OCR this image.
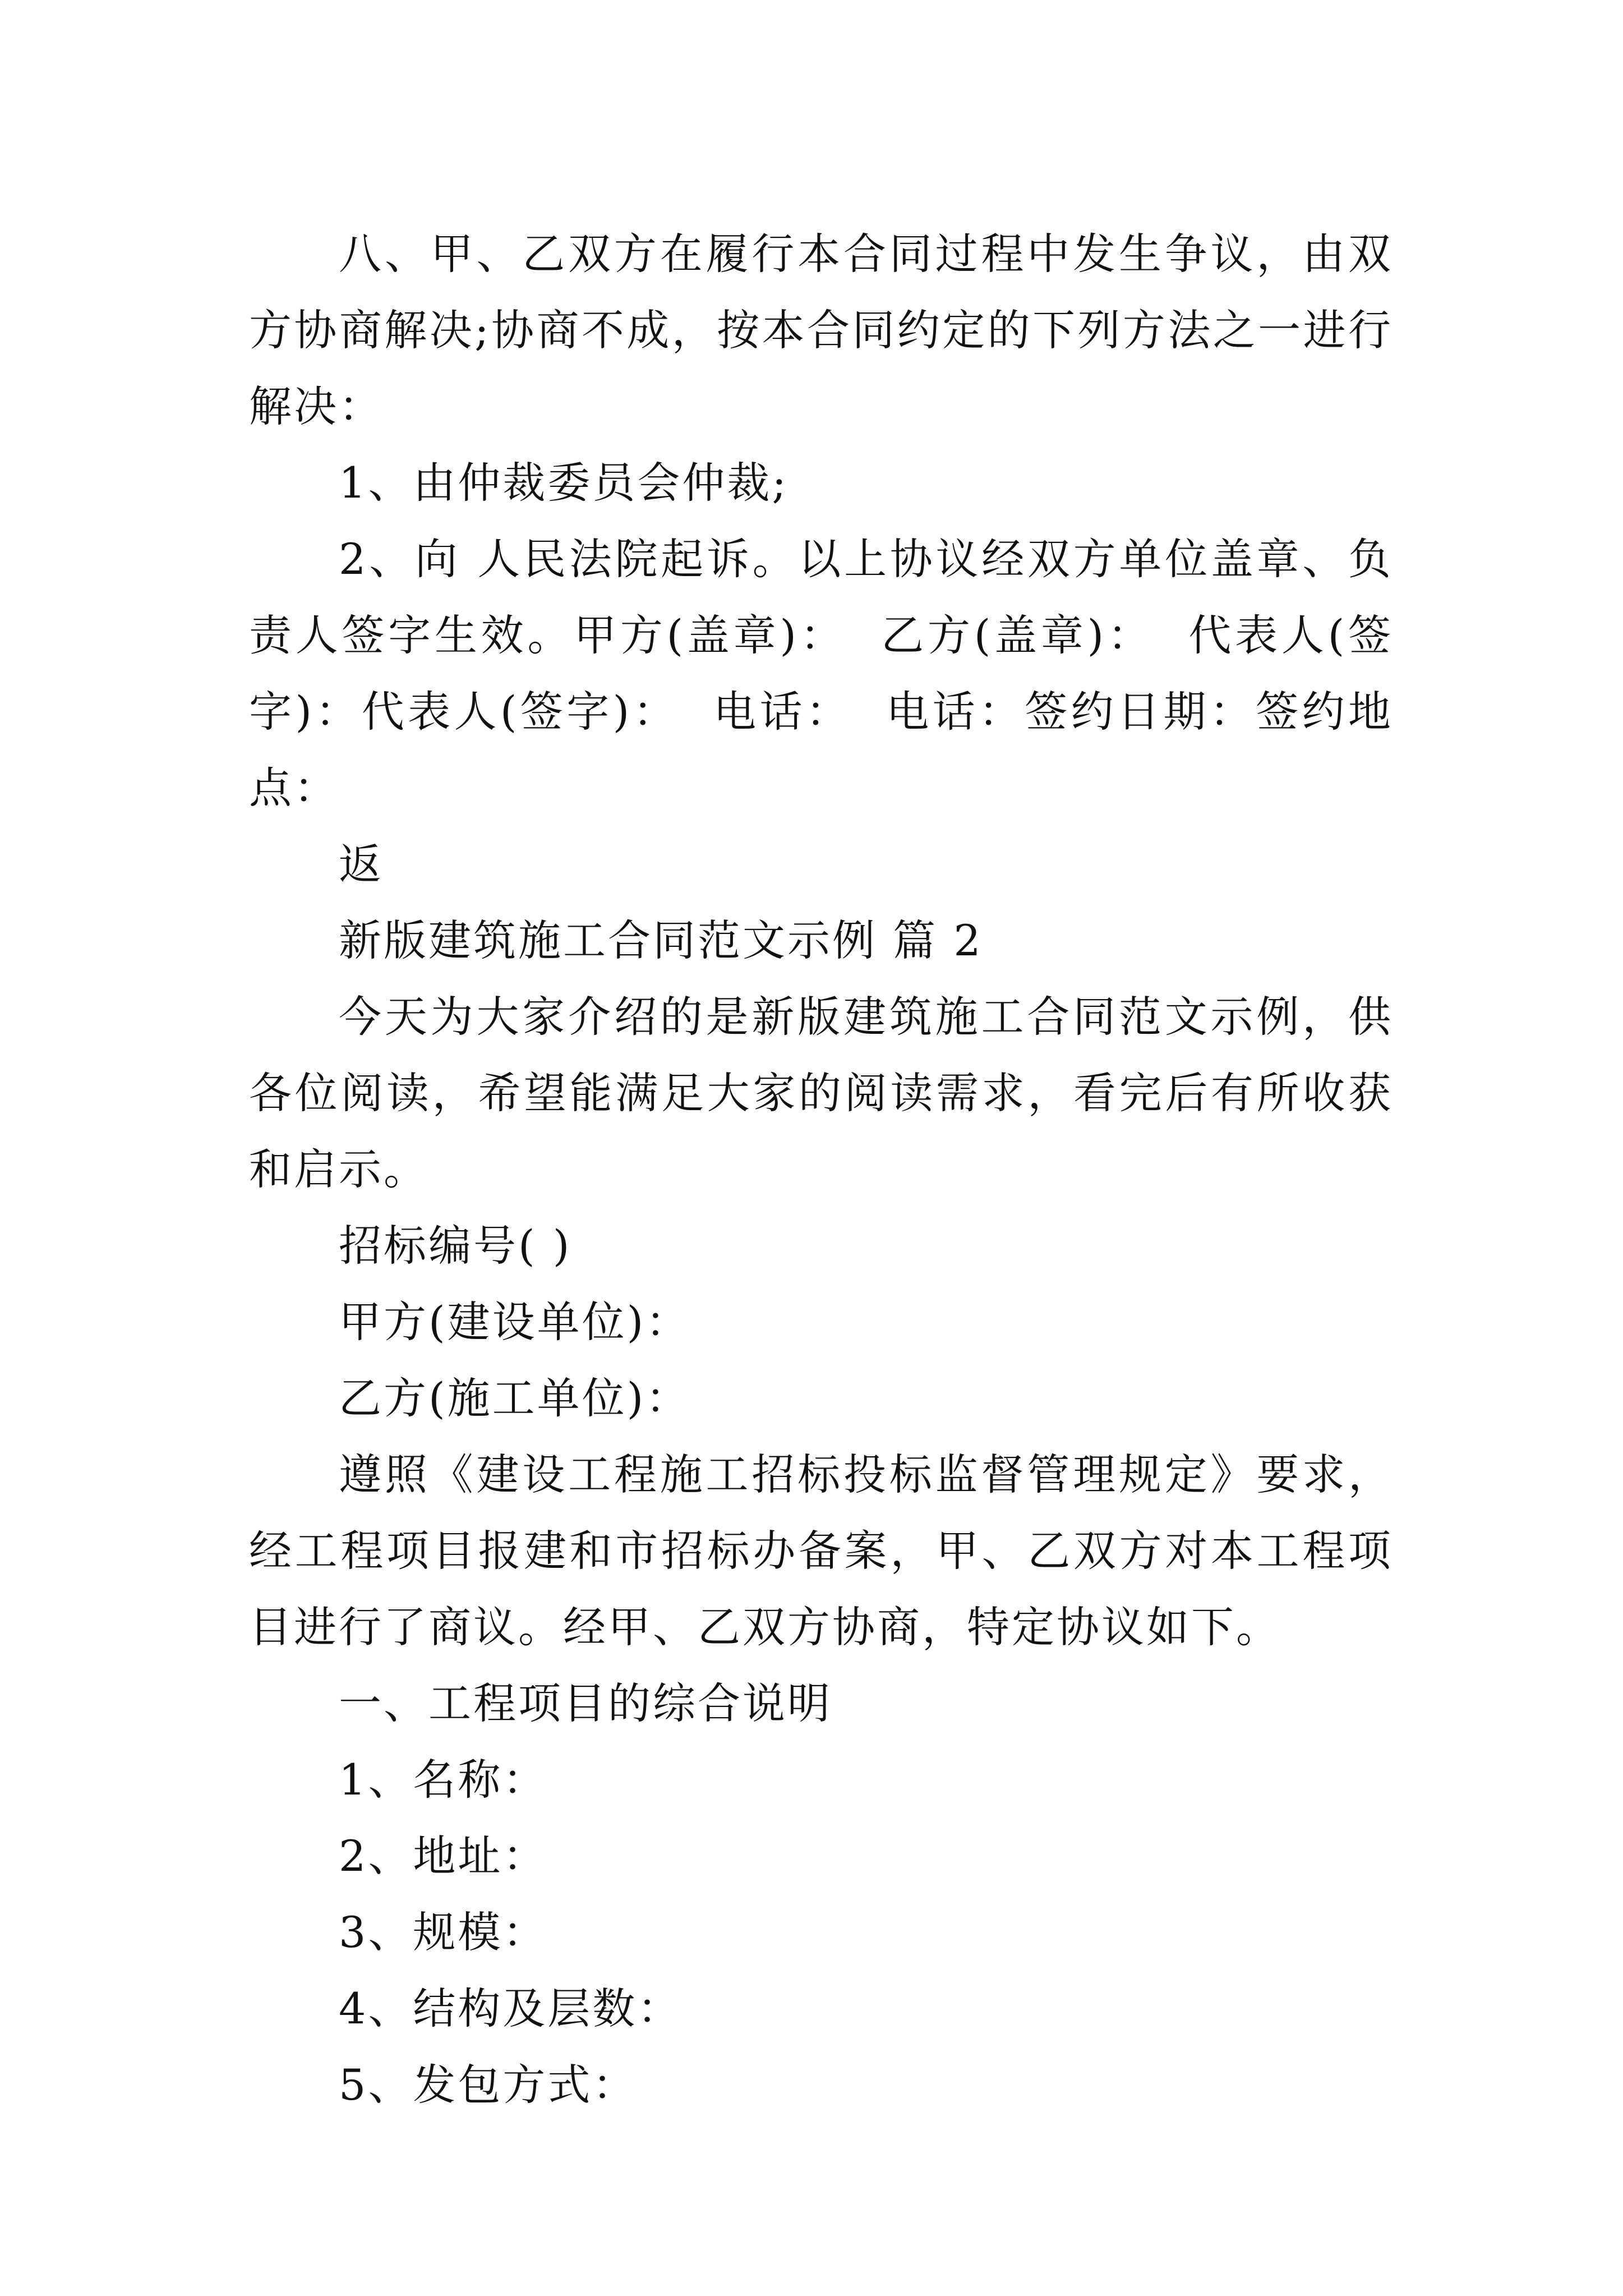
八、甲、乙双方在履行本合同过程中发生争议，由双方协商解决;协商不成，按本合同约定的下列方法之一进行解决：

1、由仲裁委员会仲裁;

2、向 人民法院起诉。以上协议经双方单位盖章、负责人签字生效。甲方(盖章)：  乙方(盖章)：  代表人(签字)：代表人(签字)：  电话：  电话：签约日期：签约地点：

返

新版建筑施工合同范文示例 篇 2

今天为大家介绍的是新版建筑施工合同范文示例，供各位阅读，希望能满足大家的阅读需求，看完后有所收获和启示。

招标编号( )

甲方(建设单位)：

乙方(施工单位)：

遵照《建设工程施工招标投标监督管理规定》要求，经工程项目报建和市招标办备案，甲、乙双方对本工程项目进行了商议。经甲、乙双方协商，特定协议如下。

一、工程项目的综合说明

1、名称：

2、地址：

3、规模：

4、结构及层数：

5、发包方式：
